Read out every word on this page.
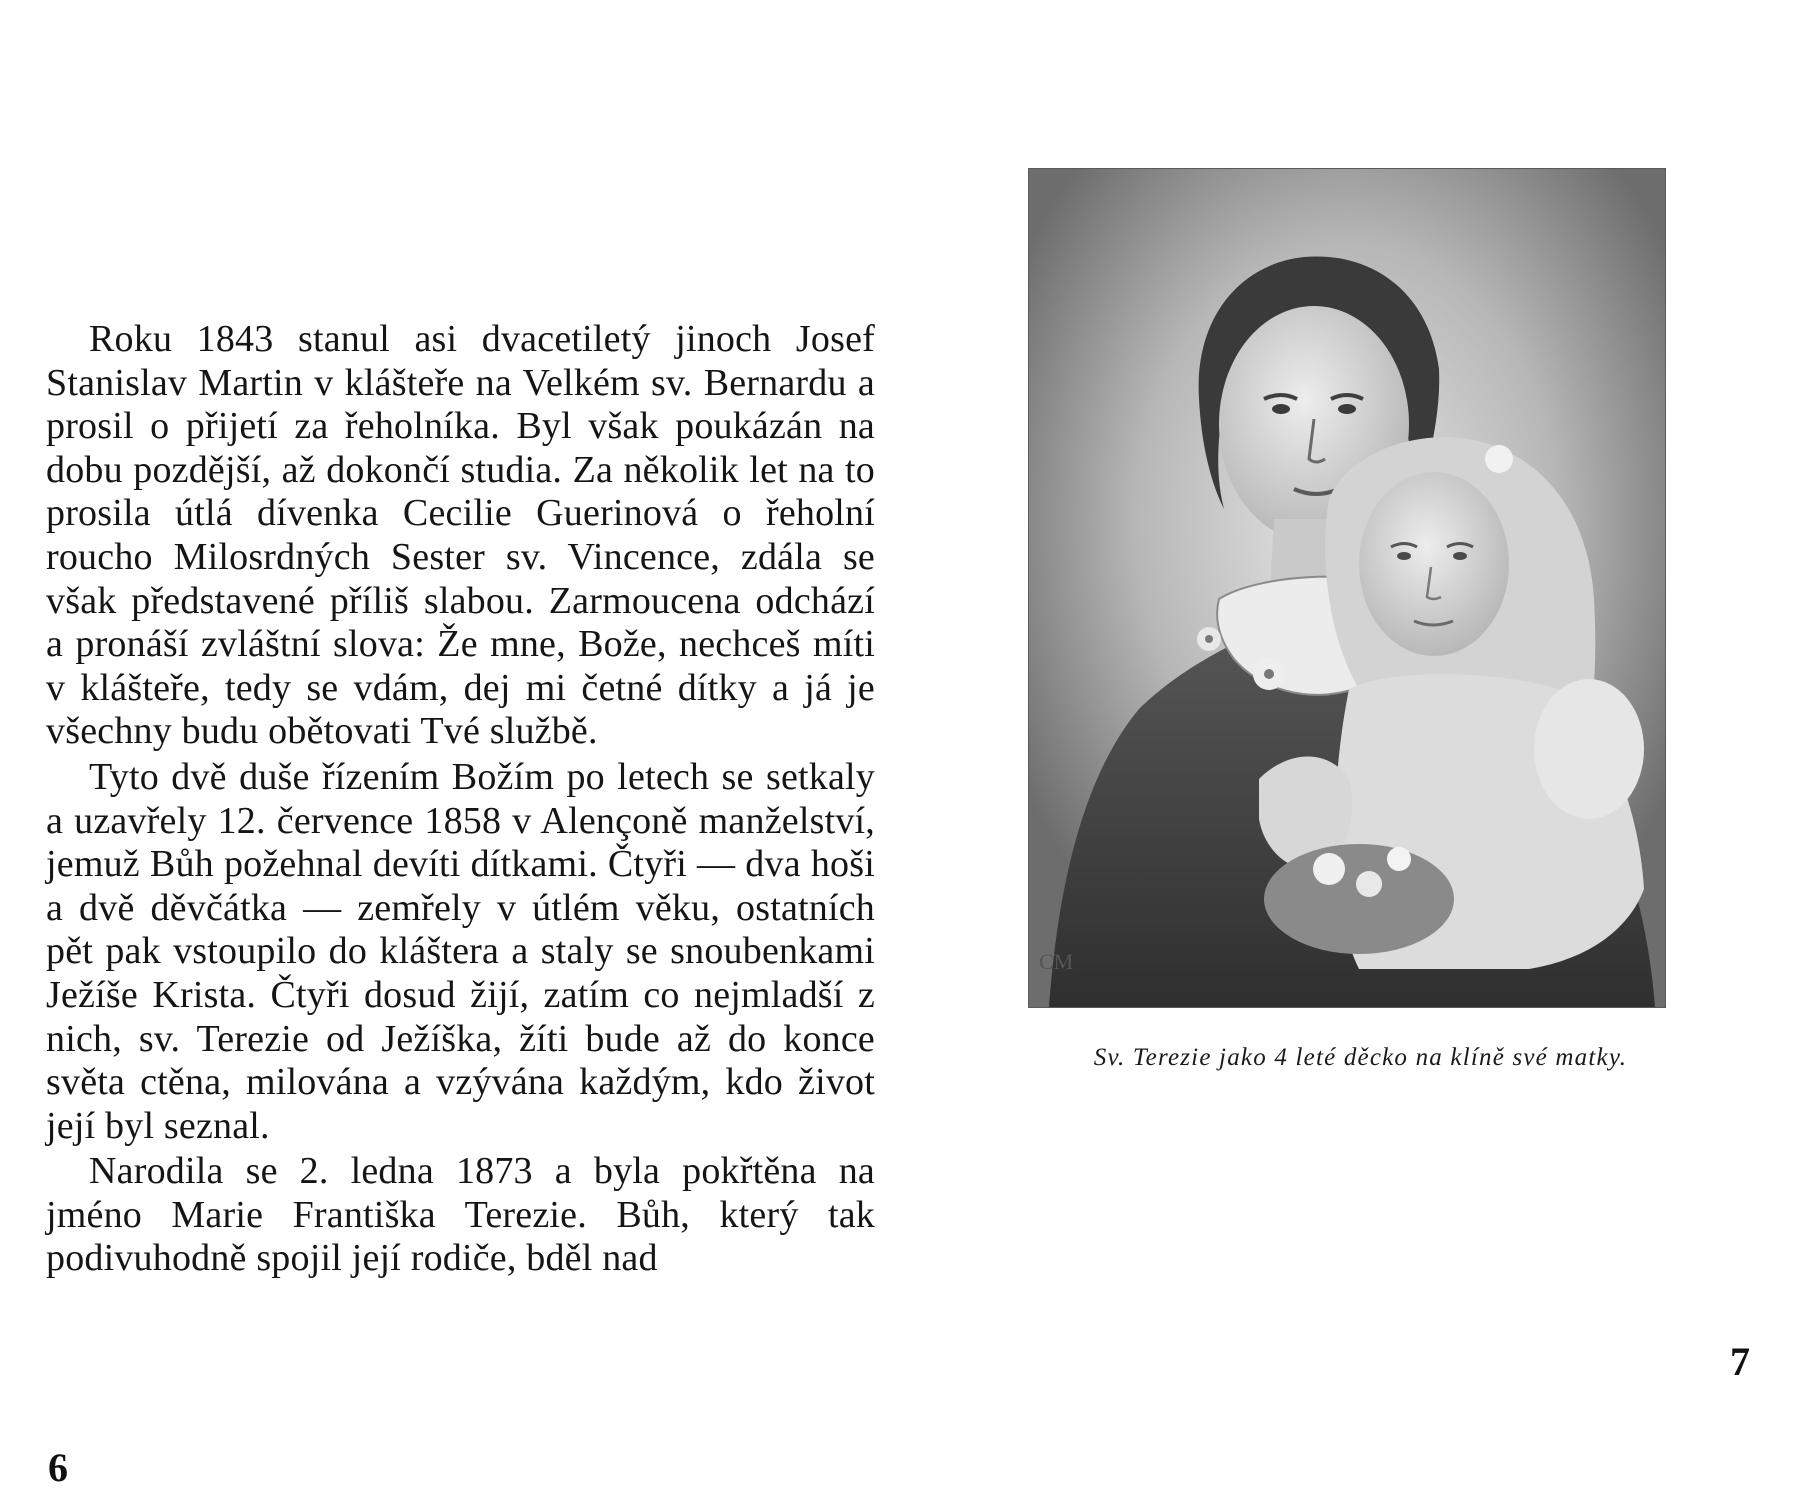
Roku 1843 stanul asi dvacetiletý jinoch Josef Stanislav Martin v klášteře na Velkém sv. Bernardu a prosil o přijetí za řeholníka. Byl však poukázán na dobu pozdější, až dokončí studia. Za několik let na to prosila útlá dívenka Cecilie Guerinová o řeholní roucho Milosrdných Sester sv. Vincence, zdála se však představené příliš slabou. Zarmoucena odchází a pronáší zvláštní slova: Že mne, Bože, nechceš míti v klášteře, tedy se vdám, dej mi četné dítky a já je všechny budu obětovati Tvé službě.

Tyto dvě duše řízením Božím po letech se setkaly a uzavřely 12. července 1858 v Alençoně manželství, jemuž Bůh požehnal devíti dítkami. Čtyři — dva hoši a dvě děvčátka — zemřely v útlém věku, ostatních pět pak vstoupilo do kláštera a staly se snoubenkami Ježíše Krista. Čtyři dosud žijí, zatím co nejmladší z nich, sv. Terezie od Ježíška, žíti bude až do konce světa ctěna, milována a vzývána každým, kdo život její byl seznal.

Narodila se 2. ledna 1873 a byla pokřtěna na jméno Marie Františka Terezie. Bůh, který tak podivuhodně spojil její rodiče, bděl nad

6
CM

Sv. Terezie jako 4 leté děcko na klíně své matky.

7
